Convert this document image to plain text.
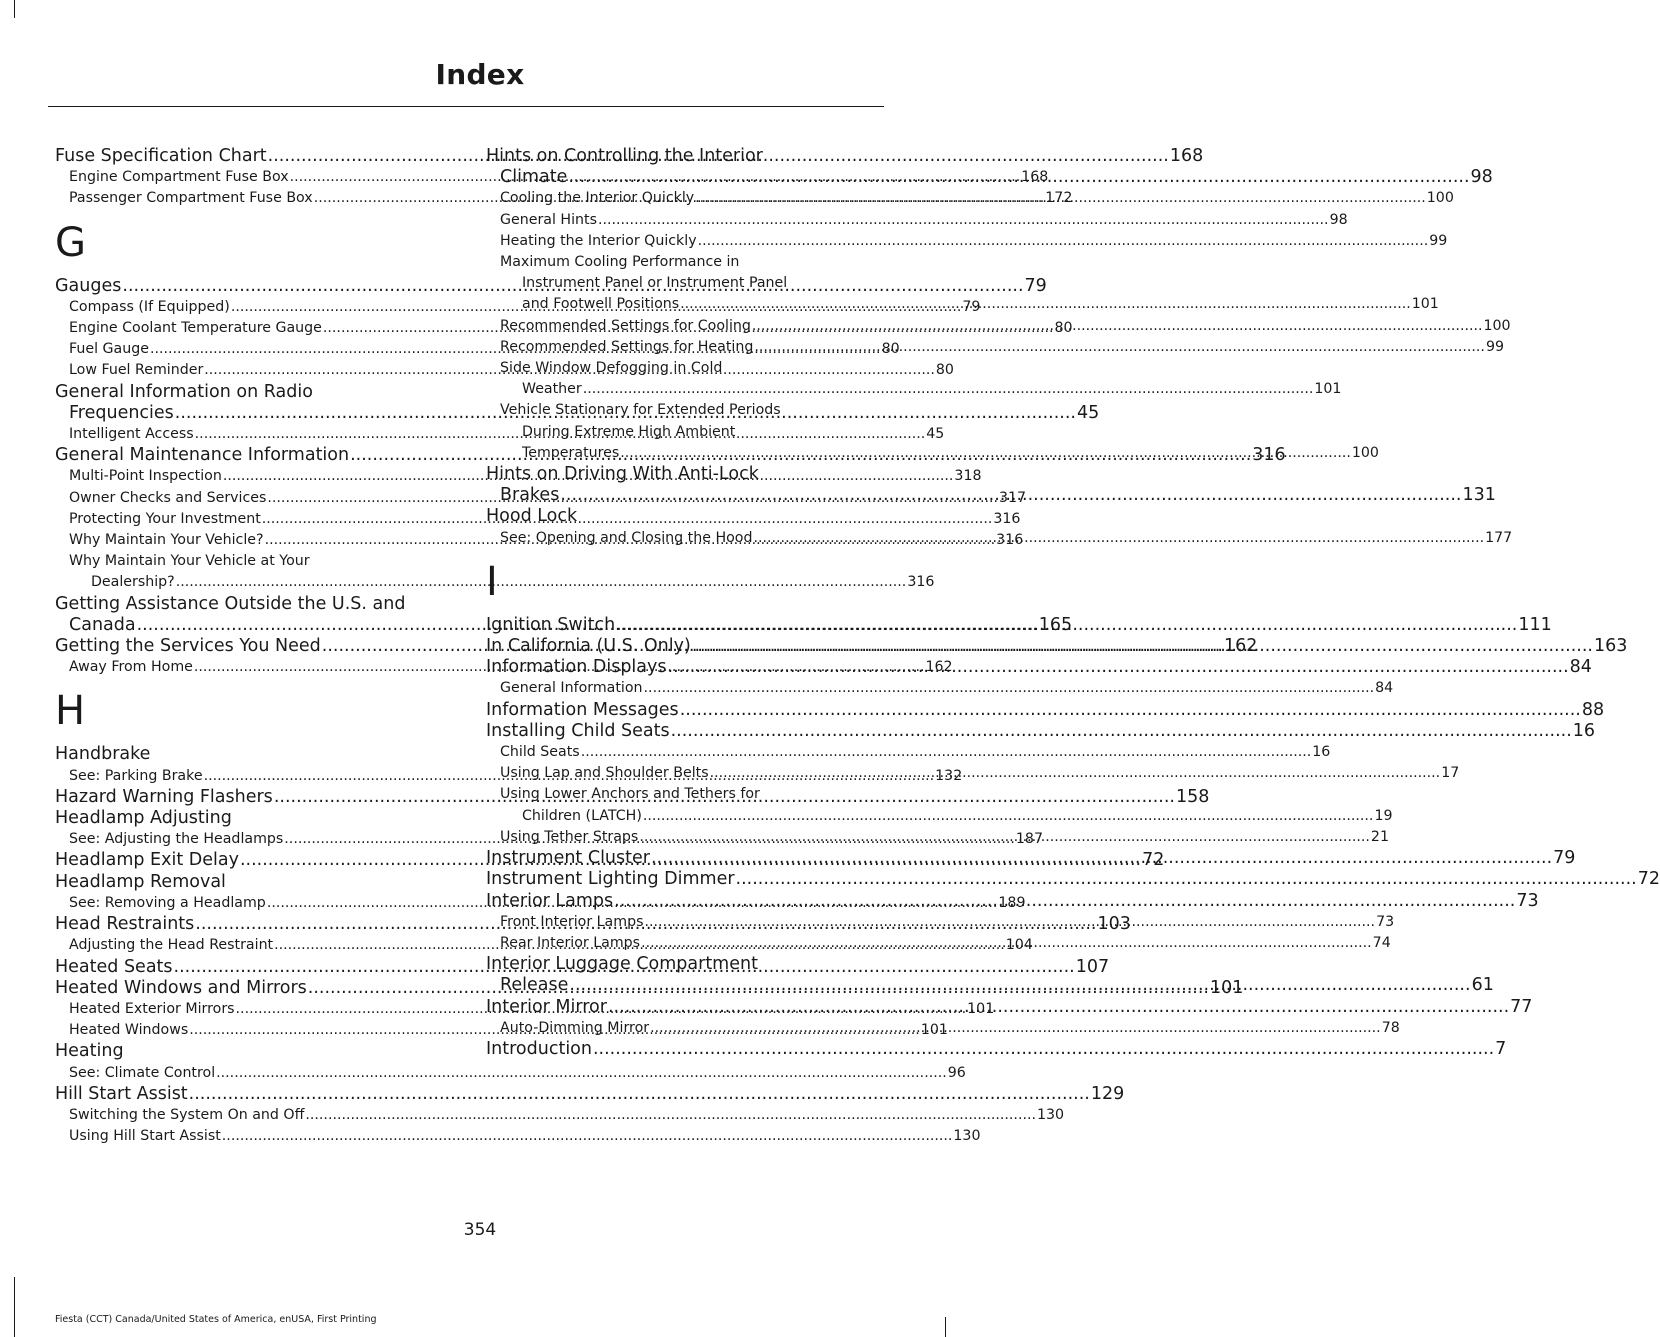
Index
Fuse Specification Chart .....	168
Engine Compartment Fuse Box .....	168
Passenger Compartment Fuse Box .....	172
G
Gauges .....	79
Compass (If Equipped) .....	79
Engine Coolant Temperature Gauge .....	80
Fuel Gauge .....	80
Low Fuel Reminder .....	80
General Information on Radio
Frequencies .....	45
Intelligent Access .....	45
General Maintenance Information .....	316
Multi-Point Inspection .....	318
Owner Checks and Services .....	317
Protecting Your Investment .....	316
Why Maintain Your Vehicle? .....	316
Why Maintain Your Vehicle at Your
Dealership? .....	316
Getting Assistance Outside the U.S. and
Canada .....	165
Getting the Services You Need .....	162
Away From Home .....	162
H
Handbrake
See: Parking Brake .....	132
Hazard Warning Flashers .....	158
Headlamp Adjusting
See: Adjusting the Headlamps .....	187
Headlamp Exit Delay .....	72
Headlamp Removal
See: Removing a Headlamp .....	189
Head Restraints .....	103
Adjusting the Head Restraint .....	104
Heated Seats .....	107
Heated Windows and Mirrors .....	101
Heated Exterior Mirrors .....	101
Heated Windows .....	101
Heating
See: Climate Control .....	96
Hill Start Assist .....	129
Switching the System On and Off .....	130
Using Hill Start Assist .....	130
Hints on Controlling the Interior
Climate .....	98
Cooling the Interior Quickly .....	100
General Hints .....	98
Heating the Interior Quickly .....	99
Maximum Cooling Performance in
Instrument Panel or Instrument Panel
and Footwell Positions .....	101
Recommended Settings for Cooling .....	100
Recommended Settings for Heating .....	99
Side Window Defogging in Cold
Weather .....	101
Vehicle Stationary for Extended Periods
During Extreme High Ambient
Temperatures .....	100
Hints on Driving With Anti-Lock
Brakes .....	131
Hood Lock
See: Opening and Closing the Hood .....	177
I
Ignition Switch .....	111
In California (U.S. Only) .....	163
Information Displays .....	84
General Information .....	84
Information Messages .....	88
Installing Child Seats .....	16
Child Seats .....	16
Using Lap and Shoulder Belts .....	17
Using Lower Anchors and Tethers for
Children (LATCH) .....	19
Using Tether Straps .....	21
Instrument Cluster .....	79
Instrument Lighting Dimmer .....	72
Interior Lamps .....	73
Front Interior Lamps .....	73
Rear Interior Lamps .....	74
Interior Luggage Compartment
Release .....	61
Interior Mirror .....	77
Auto-Dimming Mirror .....	78
Introduction .....	7
354
Fiesta (CCT) Canada/United States of America, enUSA, First Printing
